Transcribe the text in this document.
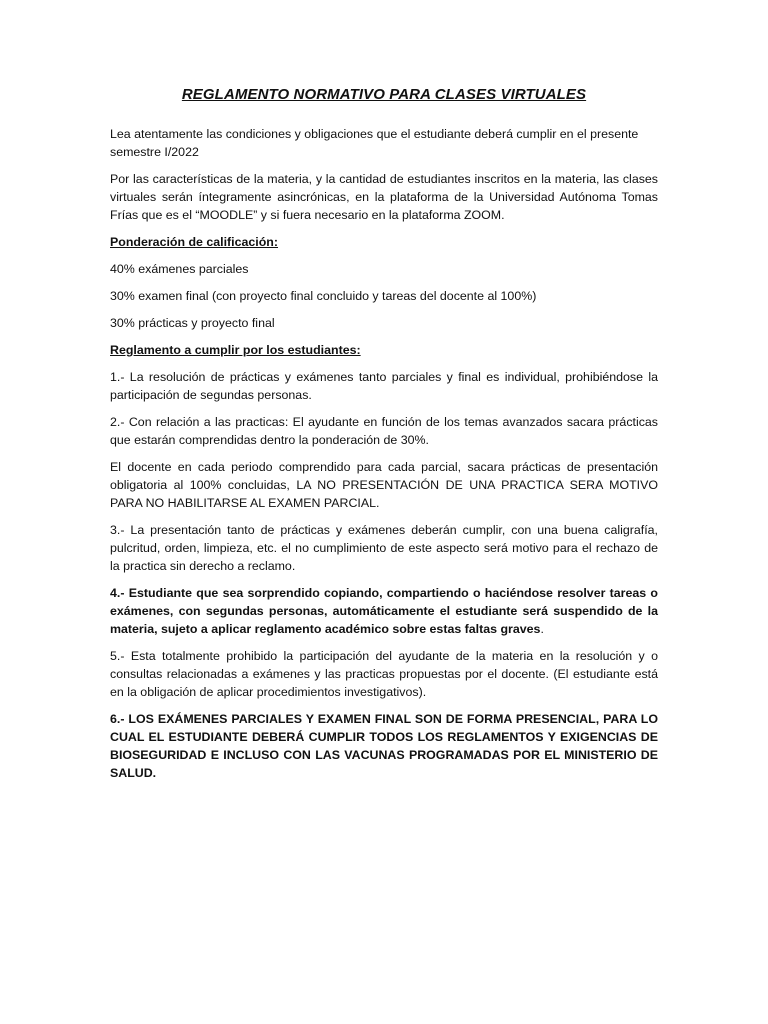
REGLAMENTO NORMATIVO PARA CLASES VIRTUALES

Lea atentamente las condiciones y obligaciones que el estudiante deberá cumplir en el presente semestre I/2022

Por las características de la materia, y la cantidad de estudiantes inscritos en la materia, las clases virtuales serán íntegramente asincrónicas, en la plataforma de la Universidad Autónoma Tomas Frías que es el “MOODLE” y si fuera necesario en la plataforma ZOOM.

Ponderación de calificación:

40% exámenes parciales

30% examen final (con proyecto final concluido y tareas del docente al 100%)

30% prácticas y proyecto final

Reglamento a cumplir por los estudiantes:

1.- La resolución de prácticas y exámenes tanto parciales y final es individual, prohibiéndose la participación de segundas personas.

2.- Con relación a las practicas: El ayudante en función de los temas avanzados sacara prácticas que estarán comprendidas dentro la ponderación de 30%.

El docente en cada periodo comprendido para cada parcial, sacara prácticas de presentación obligatoria al 100% concluidas, LA NO PRESENTACIÓN DE UNA PRACTICA SERA MOTIVO PARA NO HABILITARSE AL EXAMEN PARCIAL.

3.- La presentación tanto de prácticas y exámenes deberán cumplir, con una buena caligrafía, pulcritud, orden, limpieza, etc. el no cumplimiento de este aspecto será motivo para el rechazo de la practica sin derecho a reclamo.

4.- Estudiante que sea sorprendido copiando, compartiendo o haciéndose resolver tareas o exámenes, con segundas personas, automáticamente el estudiante será suspendido de la materia, sujeto a aplicar reglamento académico sobre estas faltas graves.

5.- Esta totalmente prohibido la participación del ayudante de la materia en la resolución y o consultas relacionadas a exámenes y las practicas propuestas por el docente. (El estudiante está en la obligación de aplicar procedimientos investigativos).

6.- LOS EXÁMENES PARCIALES Y EXAMEN FINAL SON DE FORMA PRESENCIAL, PARA LO CUAL EL ESTUDIANTE DEBERÁ CUMPLIR TODOS LOS REGLAMENTOS Y EXIGENCIAS DE BIOSEGURIDAD E INCLUSO CON LAS VACUNAS PROGRAMADAS POR EL MINISTERIO DE SALUD.
